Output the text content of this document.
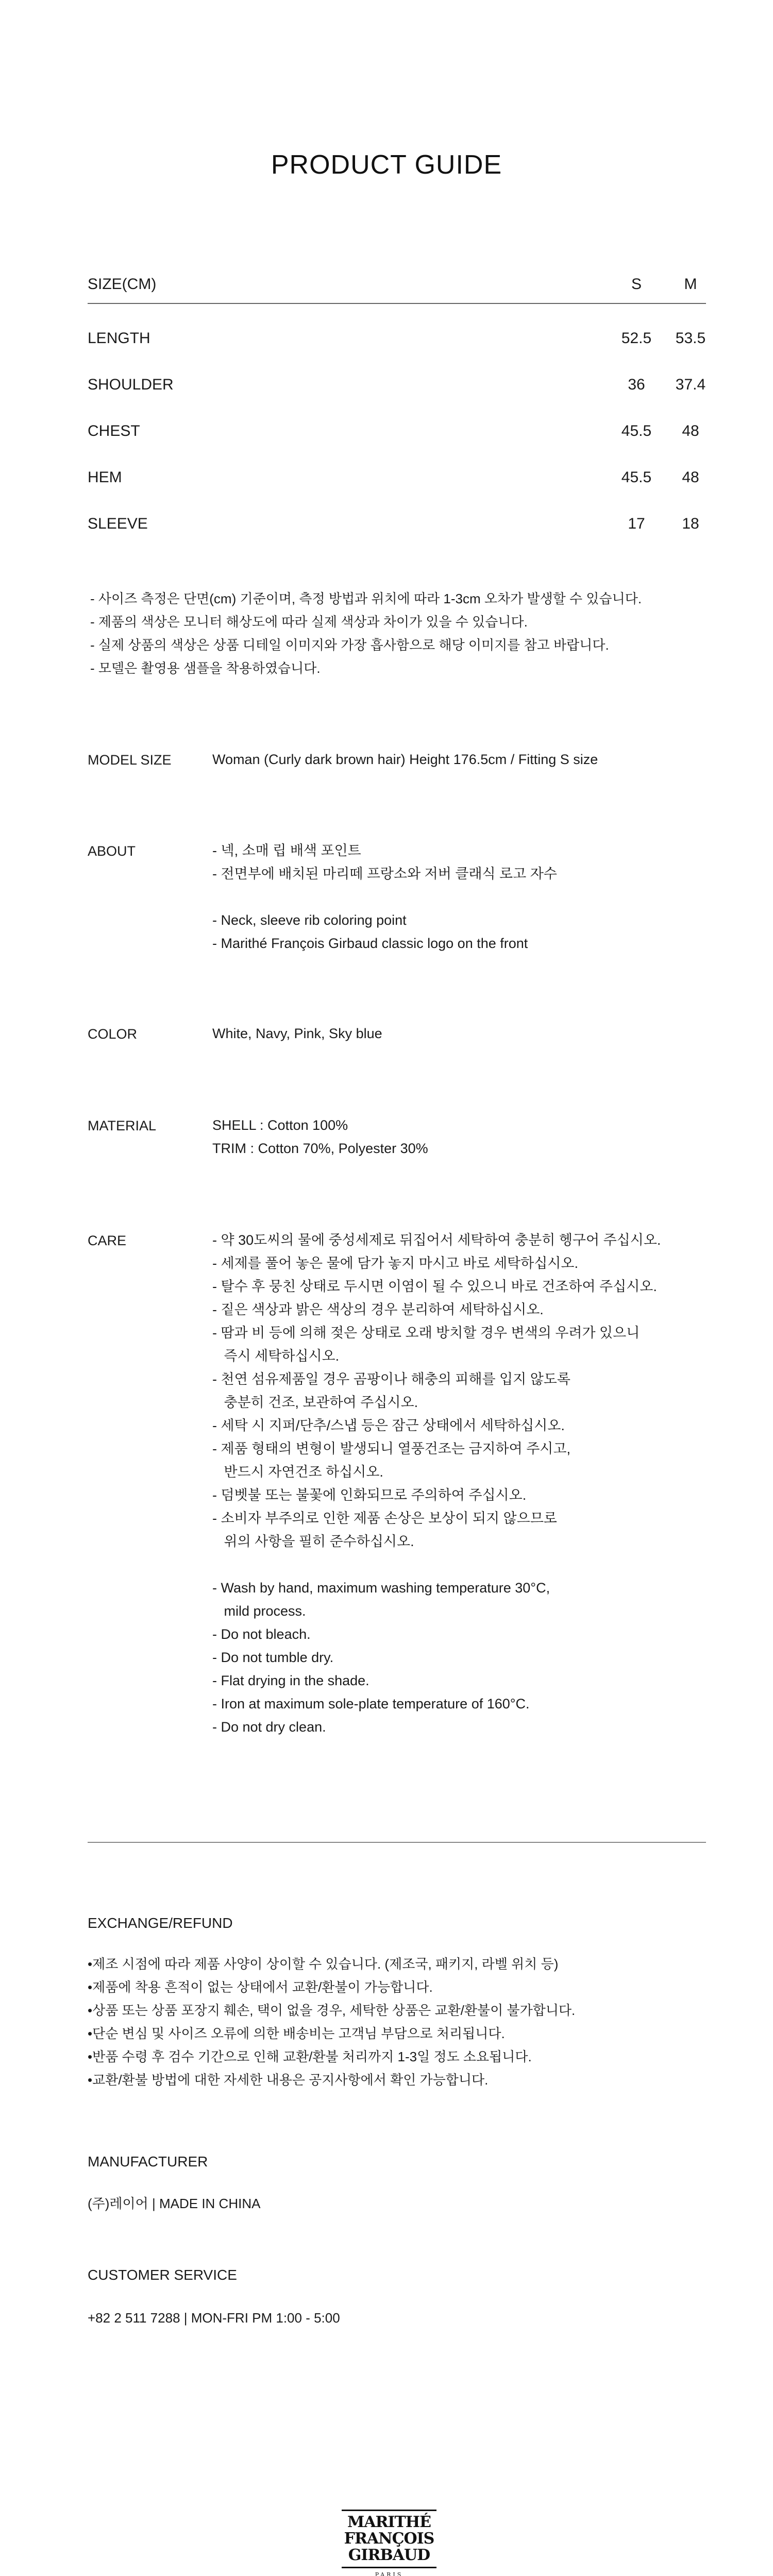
PRODUCT GUIDE
SIZE(CM)	S	M
LENGTH	52.5	53.5
SHOULDER	36	37.4
CHEST	45.5	48
HEM	45.5	48
SLEEVE	17	18
- 사이즈 측정은 단면(cm) 기준이며, 측정 방법과 위치에 따라 1-3cm 오차가 발생할 수 있습니다.
- 제품의 색상은 모니터 해상도에 따라 실제 색상과 차이가 있을 수 있습니다.
- 실제 상품의 색상은 상품 디테일 이미지와 가장 흡사함으로 해당 이미지를 참고 바랍니다.
- 모델은 촬영용 샘플을 착용하였습니다.
MODEL SIZE	Woman (Curly dark brown hair) Height 176.5cm / Fitting S size
ABOUT	- 넥, 소매 립 배색 포인트
- 전면부에 배치된 마리떼 프랑소와 저버 클래식 로고 자수

- Neck, sleeve rib coloring point
- Marithé François Girbaud classic logo on the front
COLOR	White, Navy, Pink, Sky blue
MATERIAL	SHELL : Cotton 100%
TRIM : Cotton 70%, Polyester 30%
CARE	- 약 30도씨의 물에 중성세제로 뒤집어서 세탁하여 충분히 헹구어 주십시오.
- 세제를 풀어 놓은 물에 담가 놓지 마시고 바로 세탁하십시오.
- 탈수 후 뭉친 상태로 두시면 이염이 될 수 있으니 바로 건조하여 주십시오.
- 짙은 색상과 밝은 색상의 경우 분리하여 세탁하십시오.
- 땀과 비 등에 의해 젖은 상태로 오래 방치할 경우 변색의 우려가 있으니
즉시 세탁하십시오.
- 천연 섬유제품일 경우 곰팡이나 해충의 피해를 입지 않도록
충분히 건조, 보관하여 주십시오.
- 세탁 시 지퍼/단추/스냅 등은 잠근 상태에서 세탁하십시오.
- 제품 형태의 변형이 발생되니 열풍건조는 금지하여 주시고,
반드시 자연건조 하십시오.
- 덤벳불 또는 불꽃에 인화되므로 주의하여 주십시오.
- 소비자 부주의로 인한 제품 손상은 보상이 되지 않으므로
위의 사항을 필히 준수하십시오.

- Wash by hand, maximum washing temperature 30°C,
mild process.
- Do not bleach.
- Do not tumble dry.
- Flat drying in the shade.
- Iron at maximum sole-plate temperature of 160°C.
- Do not dry clean.
EXCHANGE/REFUND
•제조 시점에 따라 제품 사양이 상이할 수 있습니다. (제조국, 패키지, 라벨 위치 등)
•제품에 착용 흔적이 없는 상태에서 교환/환불이 가능합니다.
•상품 또는 상품 포장지 훼손, 택이 없을 경우, 세탁한 상품은 교환/환불이 불가합니다.
•단순 변심 및 사이즈 오류에 의한 배송비는 고객님 부담으로 처리됩니다.
•반품 수령 후 검수 기간으로 인해 교환/환불 처리까지 1-3일 정도 소요됩니다.
•교환/환불 방법에 대한 자세한 내용은 공지사항에서 확인 가능합니다.
MANUFACTURER
(주)레이어 | MADE IN CHINA
CUSTOMER SERVICE
+82 2 511 7288 | MON-FRI PM 1:00 - 5:00
MARITHÉ
FRANÇOIS
GIRBAUD
PARIS
